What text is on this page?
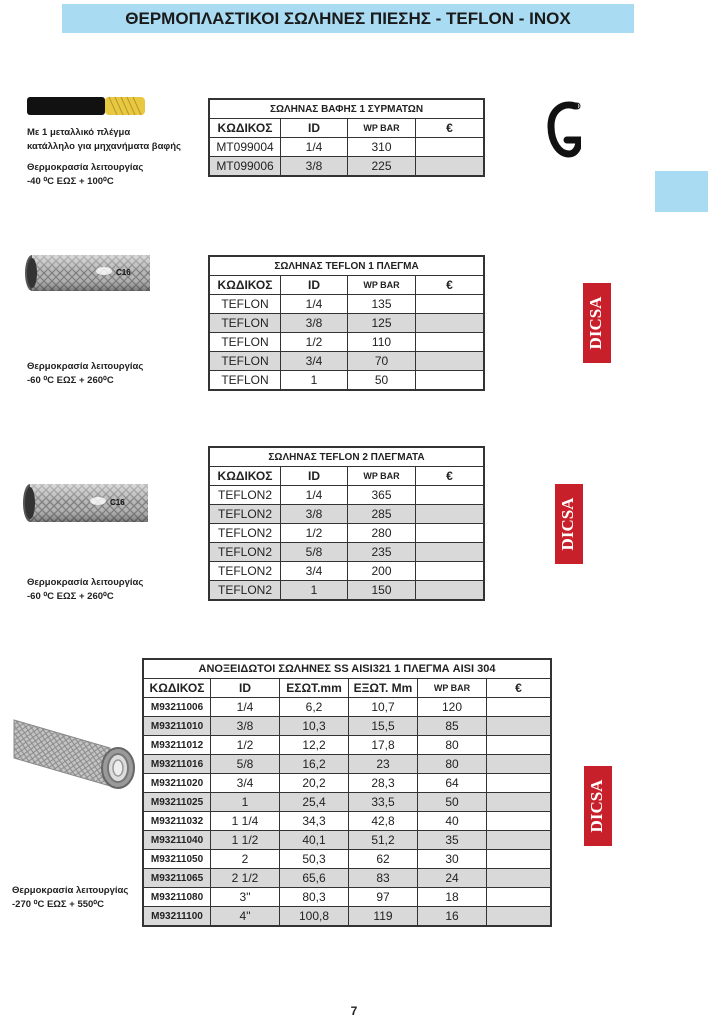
ΘΕΡΜΟΠΛΑΣΤΙΚΟΙ ΣΩΛΗΝΕΣ ΠΙΕΣΗΣ - TEFLON - INOX
Με 1 μεταλλικό πλέγμα
κατάλληλο για μηχανήματα βαφής
Θερμοκρασία λειτουργίας
-40 ⁰C ΕΩΣ + 100⁰C
ΣΩΛΗΝΑΣ ΒΑΦΗΣ 1 ΣΥΡΜΑΤΩΝ			
ΚΩΔΙΚΟΣ	ID	WP BAR	€
MT099004	1/4	310	
MT099006	3/8	225	
C16
Θερμοκρασία λειτουργίας
-60 ⁰C ΕΩΣ + 260⁰C
ΣΩΛΗΝΑΣ TEFLON 1 ΠΛΕΓΜΑ			
ΚΩΔΙΚΟΣ	ID	WP BAR	€
TEFLON	1/4	135	
TEFLON	3/8	125	
TEFLON	1/2	110	
TEFLON	3/4	70	
TEFLON	1	50	
DICSA
C16
Θερμοκρασία λειτουργίας
-60 ⁰C ΕΩΣ + 260⁰C
ΣΩΛΗΝΑΣ TEFLON 2 ΠΛΕΓΜΑΤΑ			
ΚΩΔΙΚΟΣ	ID	WP BAR	€
TEFLON2	1/4	365	
TEFLON2	3/8	285	
TEFLON2	1/2	280	
TEFLON2	5/8	235	
TEFLON2	3/4	200	
TEFLON2	1	150	
DICSA
Θερμοκρασία λειτουργίας
-270 ⁰C ΕΩΣ + 550⁰C
ΑΝΟΞΕΙΔΩΤΟΙ ΣΩΛΗΝΕΣ SS AISI321 1 ΠΛΕΓΜΑ AISI 304					
ΚΩΔΙΚΟΣ	ID	ΕΣΩΤ.mm	ΕΞΩΤ. Mm	WP BAR	€
M93211006	1/4	6,2	10,7	120	
M93211010	3/8	10,3	15,5	85	
M93211012	1/2	12,2	17,8	80	
M93211016	5/8	16,2	23	80	
M93211020	3/4	20,2	28,3	64	
M93211025	1	25,4	33,5	50	
M93211032	1 1/4	34,3	42,8	40	
M93211040	1 1/2	40,1	51,2	35	
M93211050	2	50,3	62	30	
M93211065	2 1/2	65,6	83	24	
M93211080	3"	80,3	97	18	
M93211100	4"	100,8	119	16	
DICSA
Gates
7
